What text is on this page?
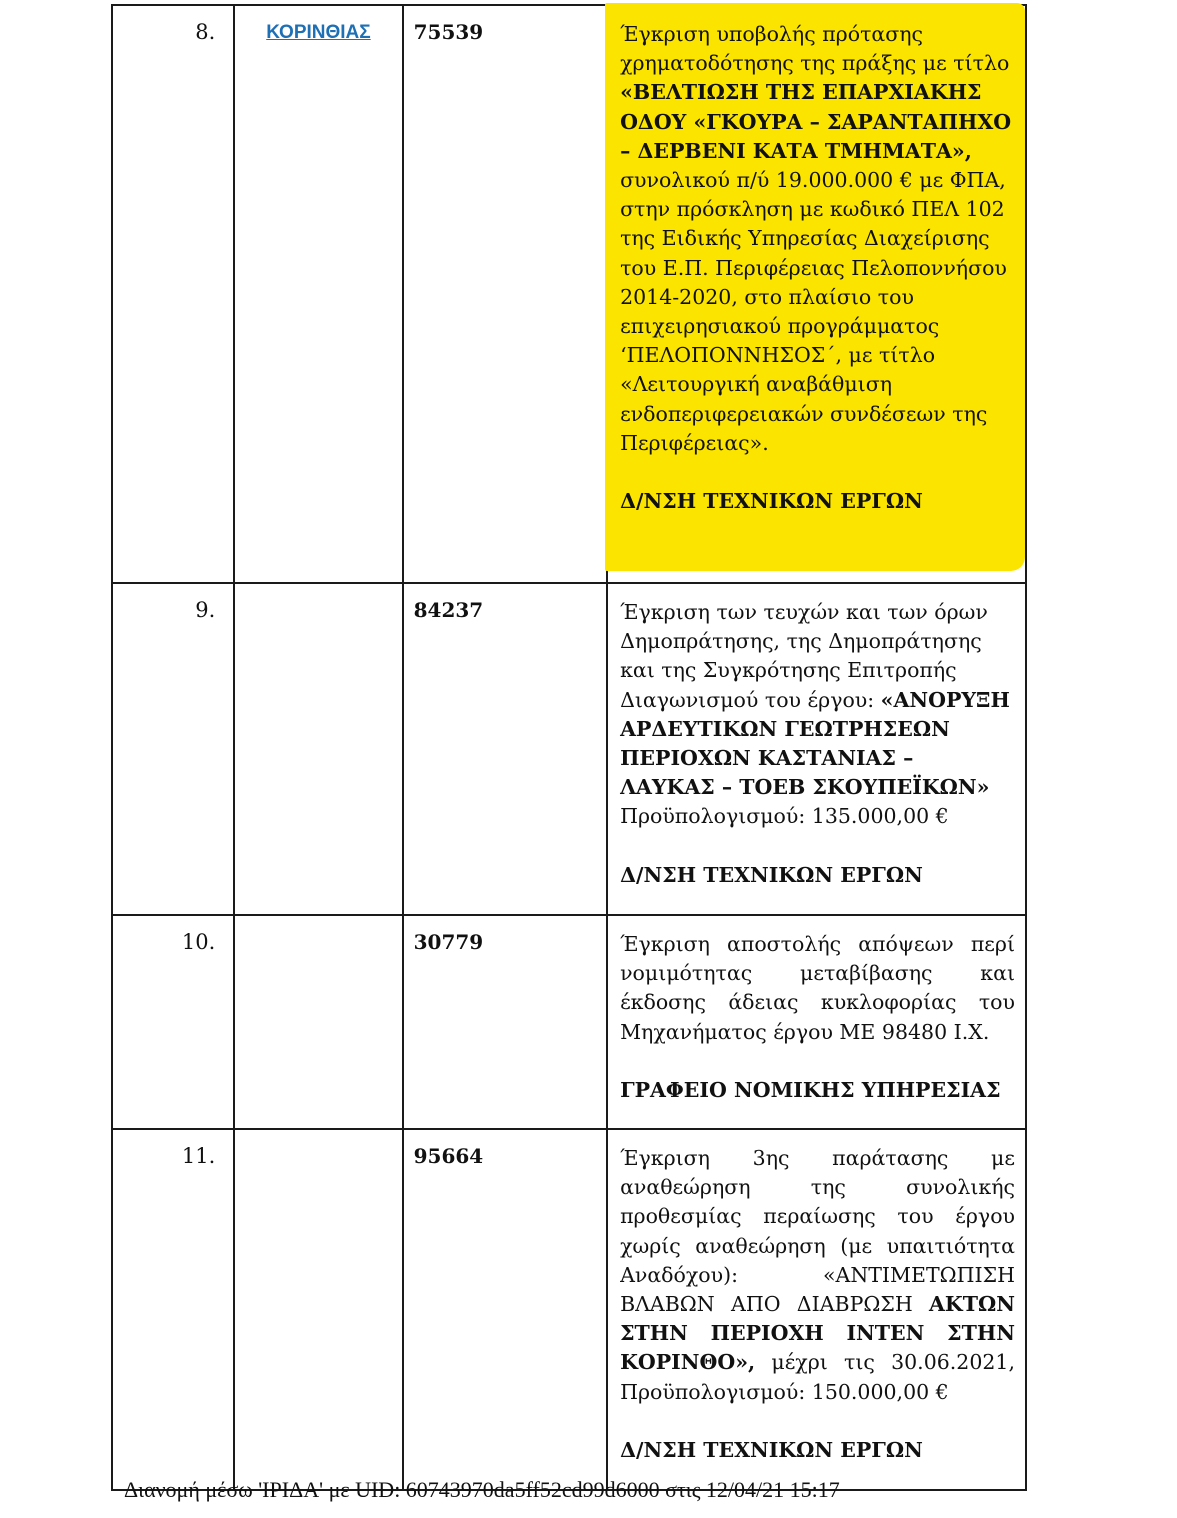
8.	ΚΟΡΙΝΘΙΑΣ	75539	Έγκριση υποβολής πρότασης χρηματοδότησης της πράξης με τίτλο «ΒΕΛΤΙΩΣΗ ΤΗΣ ΕΠΑΡΧΙΑΚΗΣ ΟΔΟΥ «ΓΚΟΥΡΑ – ΣΑΡΑΝΤΑΠΗΧΟ – ΔΕΡΒΕΝΙ ΚΑΤΑ ΤΜΗΜΑΤΑ», συνολικού π/ύ 19.000.000 € με ΦΠΑ, στην πρόσκληση με κωδικό ΠΕΛ 102 της Ειδικής Υπηρεσίας Διαχείρισης του Ε.Π. Περιφέρειας Πελοποννήσου 2014-2020, στο πλαίσιο του επιχειρησιακού προγράμματος ‘ΠΕΛΟΠΟΝΝΗΣΟΣ΄, με τίτλο «Λειτουργική αναβάθμιση ενδοπεριφερειακών συνδέσεων της Περιφέρειας».
Δ/ΝΣΗ ΤΕΧΝΙΚΩΝ ΕΡΓΩΝ

9.		84237	Έγκριση των τευχών και των όρων Δημοπράτησης, της Δημοπράτησης και της Συγκρότησης Επιτροπής Διαγωνισμού του έργου: «ΑΝΟΡΥΞΗ ΑΡΔΕΥΤΙΚΩΝ ΓΕΩΤΡΗΣΕΩΝ ΠΕΡΙΟΧΩΝ ΚΑΣΤΑΝΙΑΣ – ΛΑΥΚΑΣ – ΤΟΕΒ ΣΚΟΥΠΕΪΚΩΝ» Προϋπολογισμού: 135.000,00 €
Δ/ΝΣΗ ΤΕΧΝΙΚΩΝ ΕΡΓΩΝ

10.		30779	Έγκριση αποστολής απόψεων περί νομιμότητας μεταβίβασης και έκδοσης άδειας κυκλοφορίας του Μηχανήματος έργου ΜΕ 98480 Ι.Χ.
ΓΡΑΦΕΙΟ ΝΟΜΙΚΗΣ ΥΠΗΡΕΣΙΑΣ

11.		95664	Έγκριση 3ης παράτασης με αναθεώρηση της συνολικής προθεσμίας περαίωσης του έργου χωρίς αναθεώρηση (με υπαιτιότητα Αναδόχου): «ΑΝΤΙΜΕΤΩΠΙΣΗ ΒΛΑΒΩΝ ΑΠΟ ΔΙΑΒΡΩΣΗ ΑΚΤΩΝ ΣΤΗΝ ΠΕΡΙΟΧΗ ΙΝΤΕΝ ΣΤΗΝ ΚΟΡΙΝΘΟ», μέχρι τις 30.06.2021, Προϋπολογισμού: 150.000,00 €
Δ/ΝΣΗ ΤΕΧΝΙΚΩΝ ΕΡΓΩΝ
Διανομή μέσω 'ΙΡΙΔΑ' με UID: 60743970da5ff52cd99d6000 στις 12/04/21 15:17
